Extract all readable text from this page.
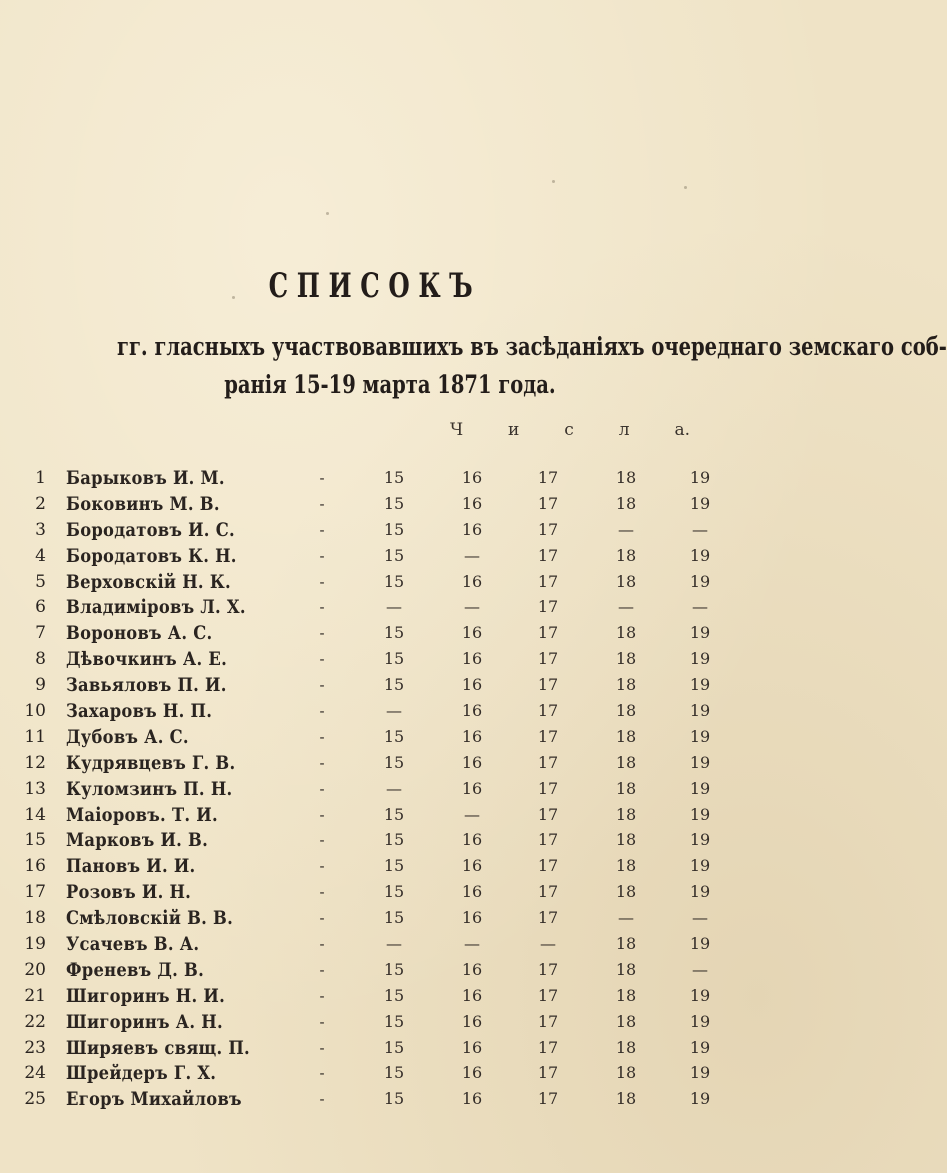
СПИСОКЪ
гг. гласныхъ участвовавшихъ въ засѣданiяхъ очереднаго земскаго соб-
ранiя 15-19 марта 1871 года.
Ч	и	с	л	а.
1 Барыковъ И. М.	-	15	16	17	18	19
2 Боковинъ М. В.	-	15	16	17	18	19
3 Бородатовъ И. С.	-	15	16	17	—	—
4 Бородатовъ К. Н.	-	15	—	17	18	19
5 Верховскiй Н. К.	-	15	16	17	18	19
6 Владимiровъ Л. Х.	-	—	—	17	—	—
7 Вороновъ А. С.	-	15	16	17	18	19
8 Дѣвочкинъ А. Е.	-	15	16	17	18	19
9 Завьяловъ П. И.	-	15	16	17	18	19
10 Захаровъ Н. П.	-	—	16	17	18	19
11 Дубовъ А. С.	-	15	16	17	18	19
12 Кудрявцевъ Г. В.	-	15	16	17	18	19
13 Куломзинъ П. Н.	-	—	16	17	18	19
14 Маiоровъ. Т. И.	-	15	—	17	18	19
15 Марковъ И. В.	-	15	16	17	18	19
16 Пановъ И. И.	-	15	16	17	18	19
17 Розовъ И. Н.	-	15	16	17	18	19
18 Смѣловскiй В. В.	-	15	16	17	—	—
19 Усачевъ В. А.	-	—	—	—	18	19
20 Френевъ Д. В.	-	15	16	17	18	—
21 Шигоринъ Н. И.	-	15	16	17	18	19
22 Шигоринъ А. Н.	-	15	16	17	18	19
23 Ширяевъ свящ. П.	-	15	16	17	18	19
24 Шрейдеръ Г. Х.	-	15	16	17	18	19
25 Егоръ Михайловъ	-	15	16	17	18	19
